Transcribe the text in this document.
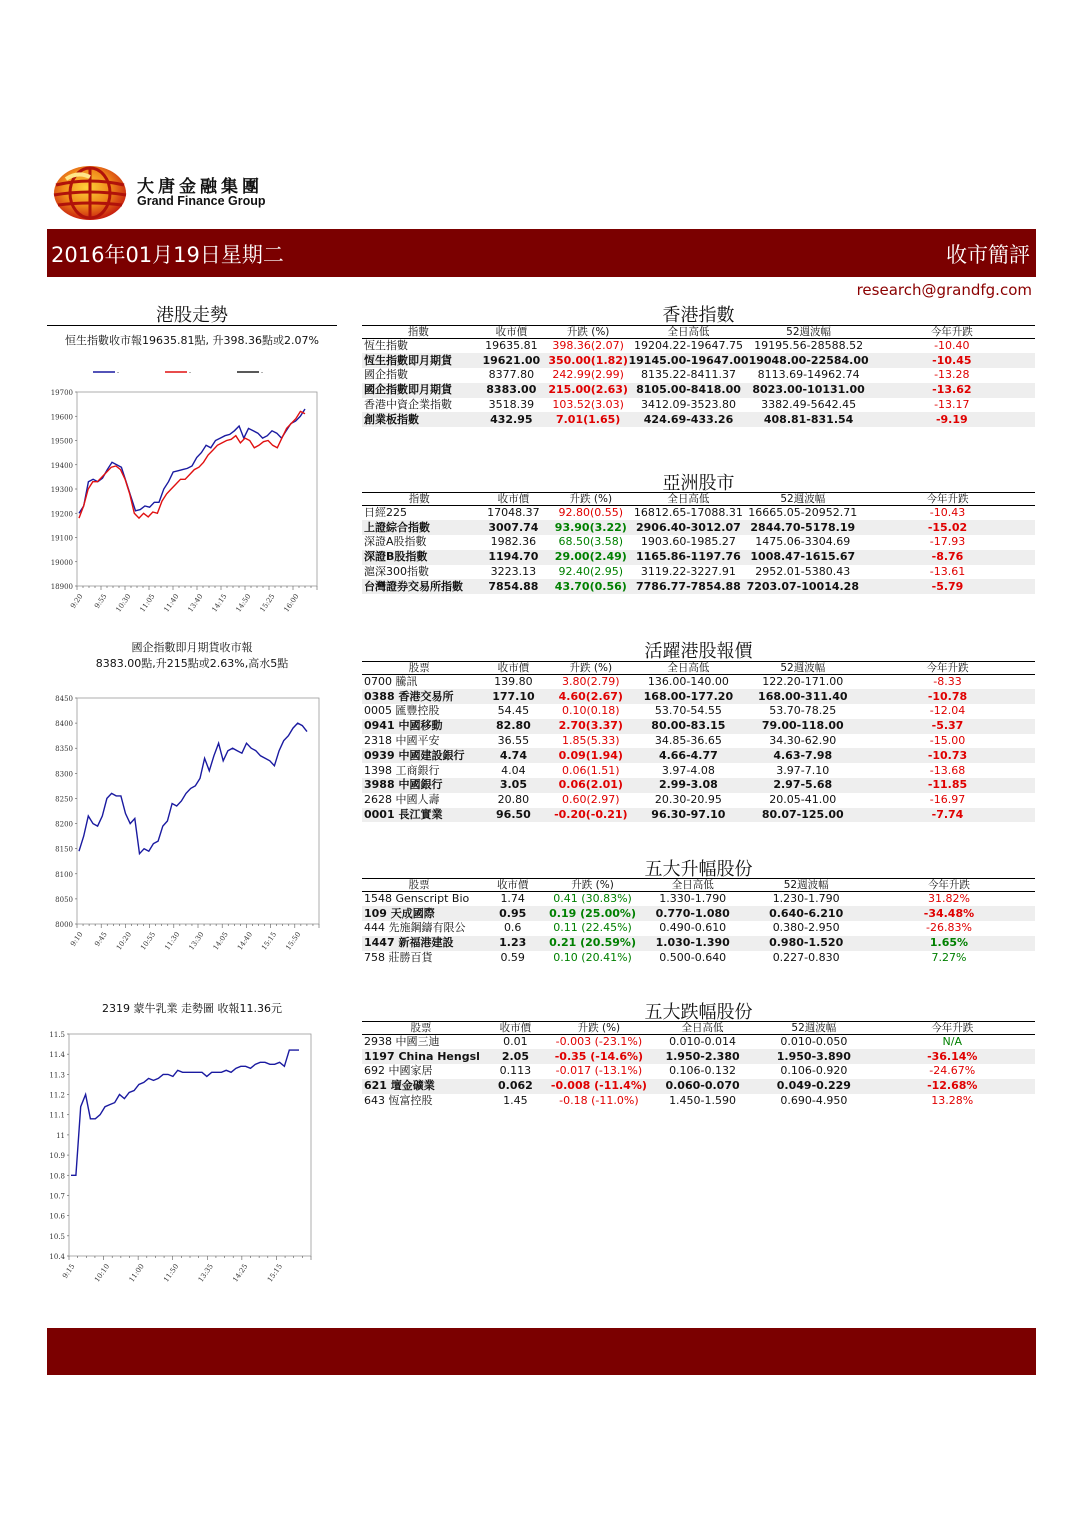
大唐金融集團
Grand Finance Group
2016年01月19日星期二	收市簡評
research@grandfg.com
港股走勢
恒生指數收市報19635.81點, 升398.36點或2.07%
19700
19600
19500
19400
19300
19200
19100
19000
18900
9:20 9:55 10:30 11:05 11:40 13:40 14:15 14:50 15:25 16:00
-	-	-
國企指數即月期貨收市報
8383.00點,升215點或2.63%,高水5點
8450
8400
8350
8300
8250
8200
8150
8100
8050
8000
9:10 9:45 10:20 10:55 11:30 13:30 14:05 14:40 15:15 15:50
2319 蒙牛乳業 走勢圖 收報11.36元
11.5
11.4
11.3
11.2
11.1
11
10.9
10.8
10.7
10.6
10.5
10.4
9:15 10:10 11:00 11:50 13:35 14:25 15:15
香港指數
亞洲股市
活躍港股報價
五大升幅股份
五大跌幅股份
指數	收市價	升跌 (%)	全日高低	52週波幅	今年升跌
恆生指數	19635.81	398.36(2.07)	19204.22-19647.75	19195.56-28588.52	-10.40
恆生指數即月期貨	19621.00	350.00(1.82)	19145.00-19647.00	19048.00-22584.00	-10.45
國企指數	8377.80	242.99(2.99)	8135.22-8411.37	8113.69-14962.74	-13.28
國企指數即月期貨	8383.00	215.00(2.63)	8105.00-8418.00	8023.00-10131.00	-13.62
香港中資企業指數	3518.39	103.52(3.03)	3412.09-3523.80	3382.49-5642.45	-13.17
創業板指數	432.95	7.01(1.65)	424.69-433.26	408.81-831.54	-9.19
指數	收市價	升跌 (%)	全日高低	52週波幅	今年升跌
日經225	17048.37	92.80(0.55)	16812.65-17088.31	16665.05-20952.71	-10.43
上證綜合指數	3007.74	93.90(3.22)	2906.40-3012.07	2844.70-5178.19	-15.02
深證A股指數	1982.36	68.50(3.58)	1903.60-1985.27	1475.06-3304.69	-17.93
深證B股指數	1194.70	29.00(2.49)	1165.86-1197.76	1008.47-1615.67	-8.76
滬深300指數	3223.13	92.40(2.95)	3119.22-3227.91	2952.01-5380.43	-13.61
台灣證券交易所指數	7854.88	43.70(0.56)	7786.77-7854.88	7203.07-10014.28	-5.79
股票	收市價	升跌 (%)	全日高低	52週波幅	今年升跌
0700 騰訊	139.80	3.80(2.79)	136.00-140.00	122.20-171.00	-8.33
0388 香港交易所	177.10	4.60(2.67)	168.00-177.20	168.00-311.40	-10.78
0005 匯豐控股	54.45	0.10(0.18)	53.70-54.55	53.70-78.25	-12.04
0941 中國移動	82.80	2.70(3.37)	80.00-83.15	79.00-118.00	-5.37
2318 中國平安	36.55	1.85(5.33)	34.85-36.65	34.30-62.90	-15.00
0939 中國建設銀行	4.74	0.09(1.94)	4.66-4.77	4.63-7.98	-10.73
1398 工商銀行	4.04	0.06(1.51)	3.97-4.08	3.97-7.10	-13.68
3988 中國銀行	3.05	0.06(2.01)	2.99-3.08	2.97-5.68	-11.85
2628 中國人壽	20.80	0.60(2.97)	20.30-20.95	20.05-41.00	-16.97
0001 長江實業	96.50	-0.20(-0.21)	96.30-97.10	80.07-125.00	-7.74
股票	收市價	升跌 (%)	全日高低	52週波幅	今年升跌
1548 Genscript Bio	1.74	0.41 (30.83%)	1.330-1.790	1.230-1.790	31.82%
109 天成國際	0.95	0.19 (25.00%)	0.770-1.080	0.640-6.210	-34.48%
444 先施鋼鑄有限公	0.6	0.11 (22.45%)	0.490-0.610	0.380-2.950	-26.83%
1447 新福港建設	1.23	0.21 (20.59%)	1.030-1.390	0.980-1.520	1.65%
758 莊勝百貨	0.59	0.10 (20.41%)	0.500-0.640	0.227-0.830	7.27%
股票	收市價	升跌 (%)	全日高低	52週波幅	今年升跌
2938 中國三迪	0.01	-0.003 (-23.1%)	0.010-0.014	0.010-0.050	N/A
1197 China Hengsl	2.05	-0.35 (-14.6%)	1.950-2.380	1.950-3.890	-36.14%
692 中國家居	0.113	-0.017 (-13.1%)	0.106-0.132	0.106-0.920	-24.67%
621 壇金礦業	0.062	-0.008 (-11.4%)	0.060-0.070	0.049-0.229	-12.68%
643 恆富控股	1.45	-0.18 (-11.0%)	1.450-1.590	0.690-4.950	13.28%
